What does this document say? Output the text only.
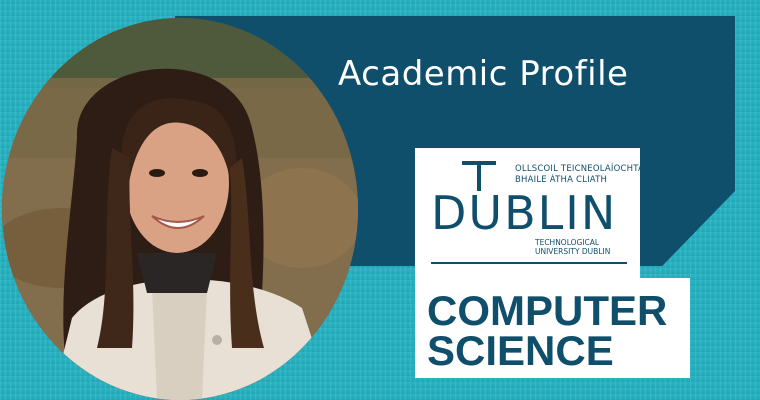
Academic Profile
OLLSCOIL TEICNEOLAÍOCHTA
BHAILE ÁTHA CLIATH
DUBLIN
TECHNOLOGICAL
UNIVERSITY DUBLIN
COMPUTER
SCIENCE
